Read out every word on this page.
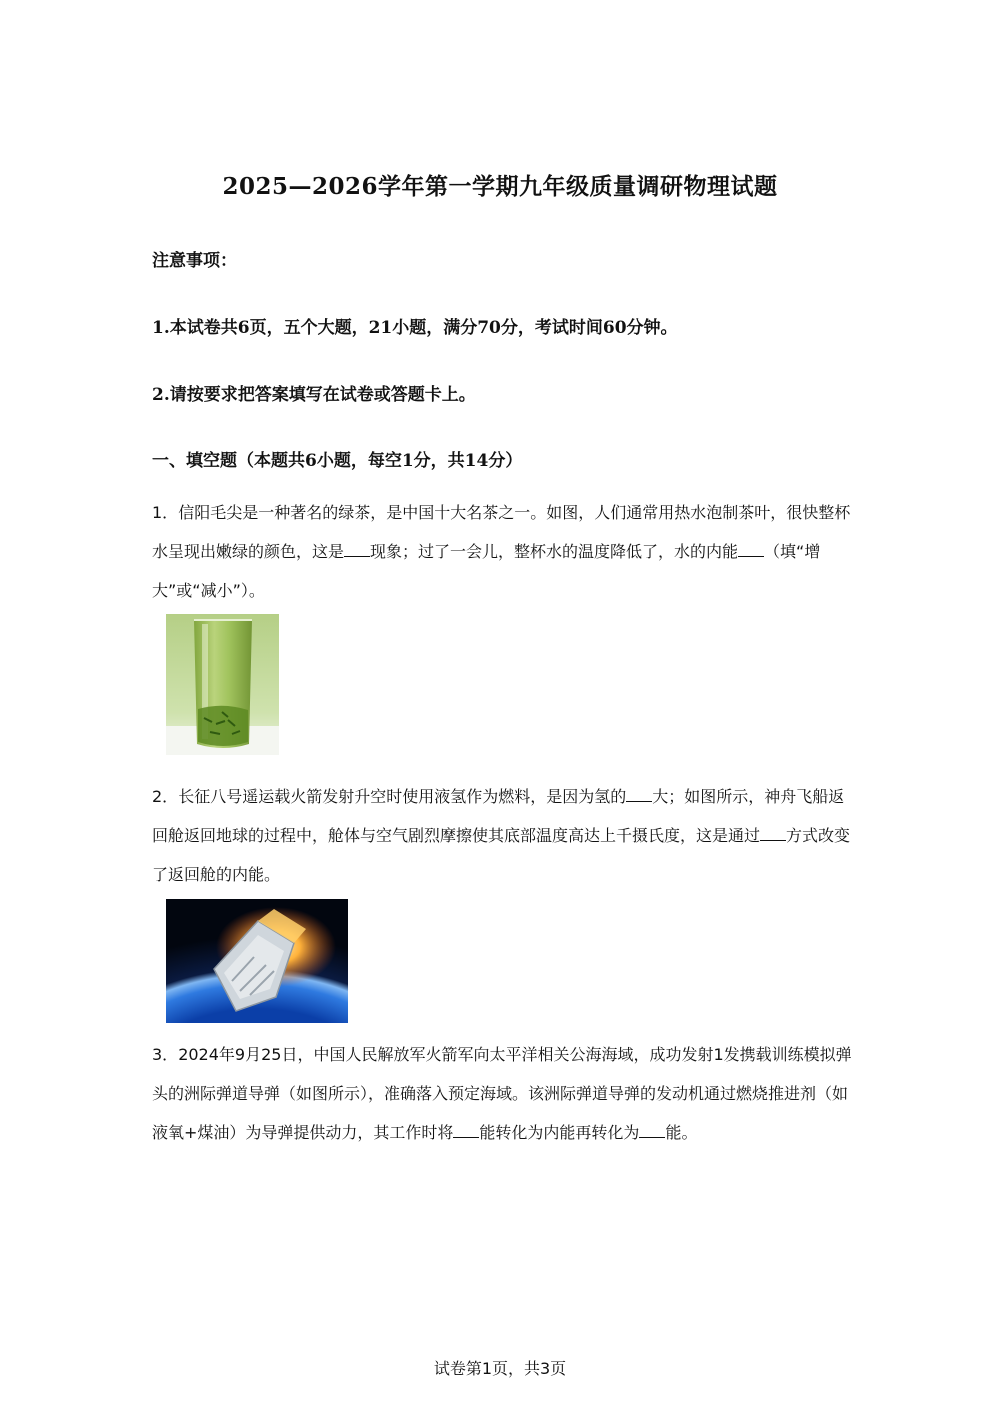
2025—2026学年第一学期九年级质量调研物理试题
注意事项：
1.本试卷共6页，五个大题，21小题，满分70分，考试时间60分钟。
2.请按要求把答案填写在试卷或答题卡上。
一、填空题（本题共6小题，每空1分，共14分）
1．信阳毛尖是一种著名的绿茶，是中国十大名茶之一。如图，人们通常用热水泡制茶叶，很快整杯水呈现出嫩绿的颜色，这是 现象；过了一会儿，整杯水的温度降低了，水的内能 （填“增大”或“减小”）。
2．长征八号遥运载火箭发射升空时使用液氢作为燃料，是因为氢的 大；如图所示，神舟飞船返回舱返回地球的过程中，舱体与空气剧烈摩擦使其底部温度高达上千摄氏度，这是通过 方式改变了返回舱的内能。
3．2024年9月25日，中国人民解放军火箭军向太平洋相关公海海域，成功发射1发携载训练模拟弹头的洲际弹道导弹（如图所示），准确落入预定海域。该洲际弹道导弹的发动机通过燃烧推进剂（如液氧+煤油）为导弹提供动力，其工作时将 能转化为内能再转化为 能。
试卷第1页，共3页
